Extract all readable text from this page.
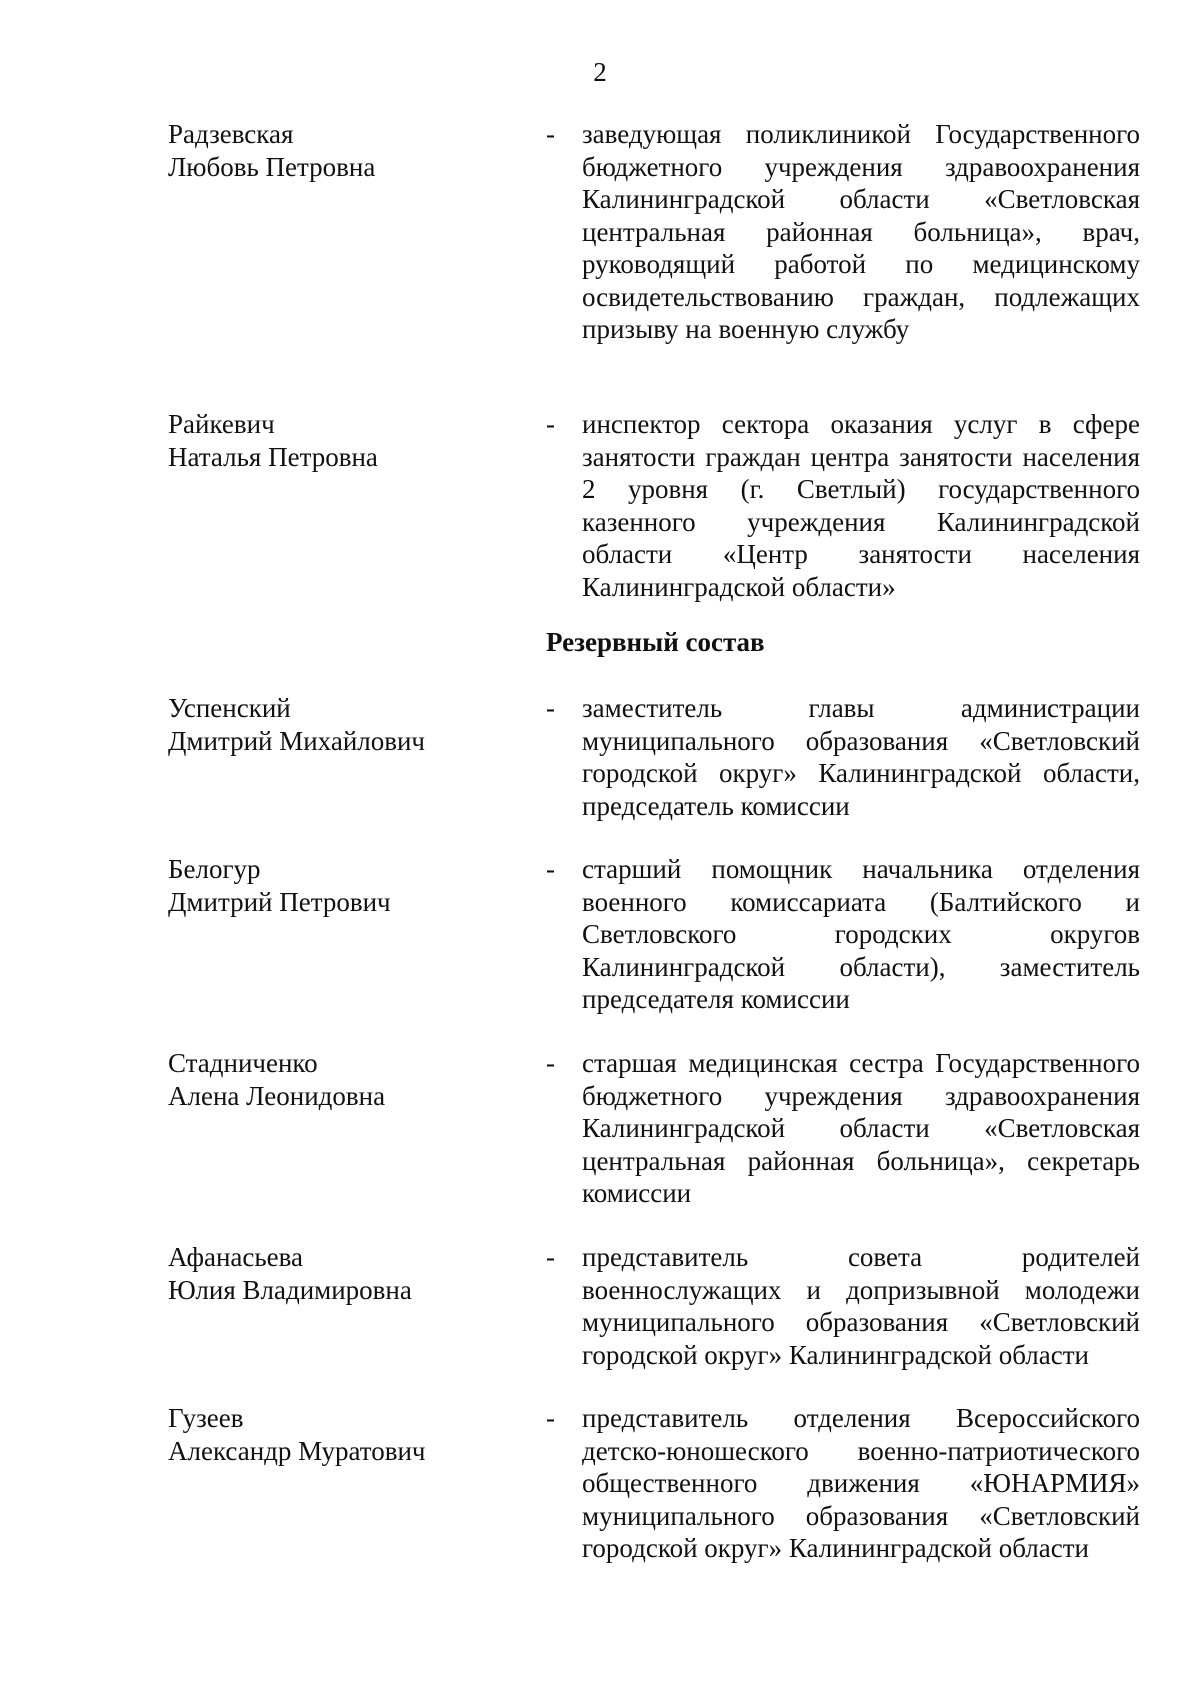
2
Радзевская
Любовь Петровна
- заведующая поликлиникой Государственного бюджетного учреждения здравоохранения Калининградской области «Светловская центральная районная больница», врач, руководящий работой по медицинскому освидетельствованию граждан, подлежащих призыву на военную службу
Райкевич
Наталья Петровна
- инспектор сектора оказания услуг в сфере занятости граждан центра занятости населения 2 уровня (г. Светлый) государственного казенного учреждения Калининградской области «Центр занятости населения Калининградской области»
Резервный состав
Успенский
Дмитрий Михайлович
- заместитель главы администрации муниципального образования «Светловский городской округ» Калининградской области, председатель комиссии
Белогур
Дмитрий Петрович
- старший помощник начальника отделения военного комиссариата (Балтийского и Светловского городских округов Калининградской области), заместитель председателя комиссии
Стадниченко
Алена Леонидовна
- старшая медицинская сестра Государственного бюджетного учреждения здравоохранения Калининградской области «Светловская центральная районная больница», секретарь комиссии
Афанасьева
Юлия Владимировна
- представитель совета родителей военнослужащих и допризывной молодежи муниципального образования «Светловский городской округ» Калининградской области
Гузеев
Александр Муратович
- представитель отделения Всероссийского детско-юношеского военно-патриотического общественного движения «ЮНАРМИЯ» муниципального образования «Светловский городской округ» Калининградской области
